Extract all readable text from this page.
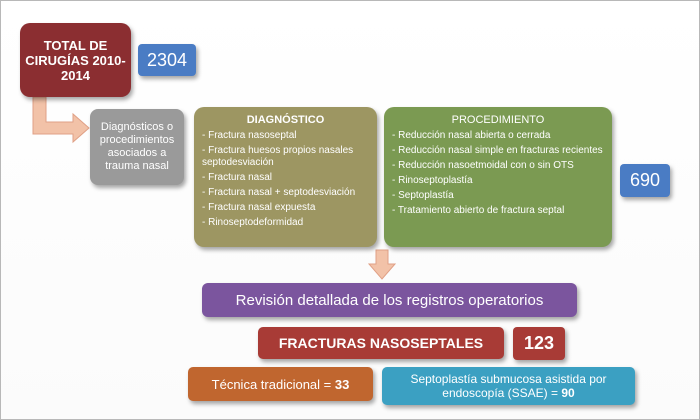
TOTAL DE CIRUGÍAS 2010-2014
2304
Diagnósticos o procedimientos asociados a trauma nasal
DIAGNÓSTICO
- Fractura nasoseptal
- Fractura huesos propios nasales septodesviación
- Fractura nasal
- Fractura nasal + septodesviación
- Fractura nasal expuesta
- Rinoseptodeformidad
PROCEDIMIENTO
- Reducción nasal abierta o cerrada
- Reducción nasal simple en fracturas recientes
- Reducción nasoetmoidal con o sin OTS
- Rinoseptoplastía
- Septoplastía
- Tratamiento abierto de fractura septal
690
Revisión detallada de los registros operatorios
FRACTURAS NASOSEPTALES 123
Técnica tradicional = 33	Septoplastía submucosa asistida por endoscopía (SSAE) = 90
